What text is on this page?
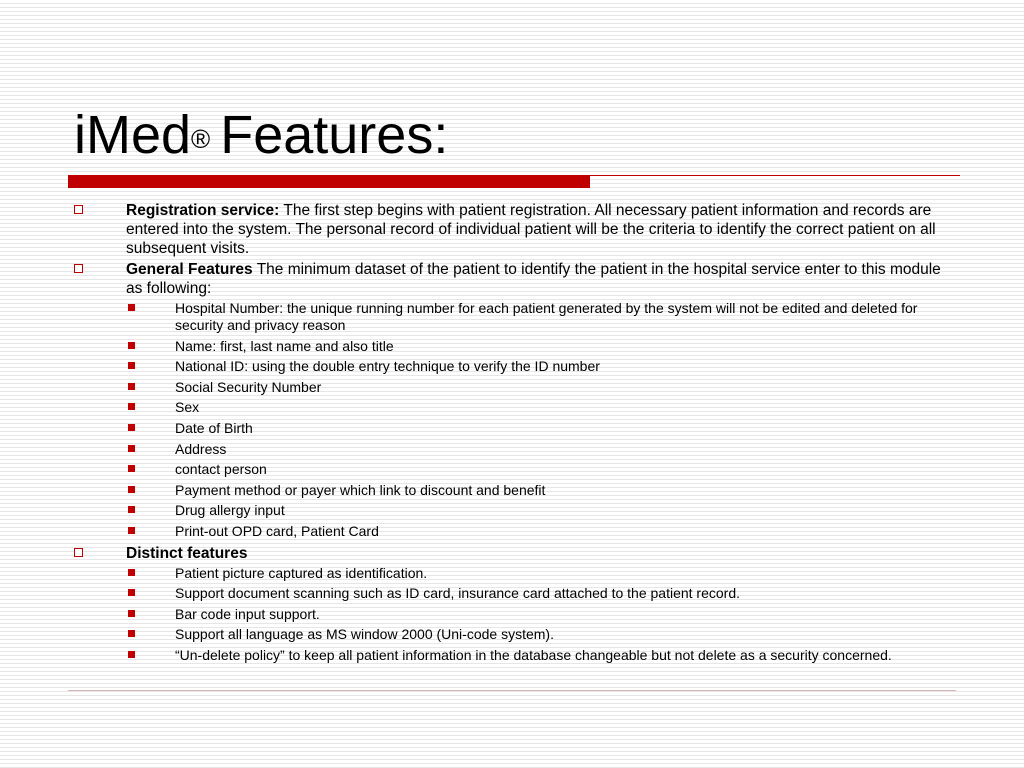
iMed® Features:
Registration service: The first step begins with patient registration. All necessary patient information and records are entered into the system. The personal record of individual patient will be the criteria to identify the correct patient on all subsequent visits.
General Features The minimum dataset of the patient to identify the patient in the hospital service enter to this module as following:
Hospital Number: the unique running number for each patient generated by the system will not be edited and deleted for security and privacy reason
Name: first, last name and also title
National ID: using the double entry technique to verify the ID number
Social Security Number
Sex
Date of Birth
Address
contact person
Payment method or payer which link to discount and benefit
Drug allergy input
Print-out OPD card, Patient Card
Distinct features
Patient picture captured as identification.
Support document scanning such as ID card, insurance card attached to the patient record.
Bar code input support.
Support all language as MS window 2000 (Uni-code system).
“Un-delete policy” to keep all patient information in the database changeable but not delete as a security concerned.
